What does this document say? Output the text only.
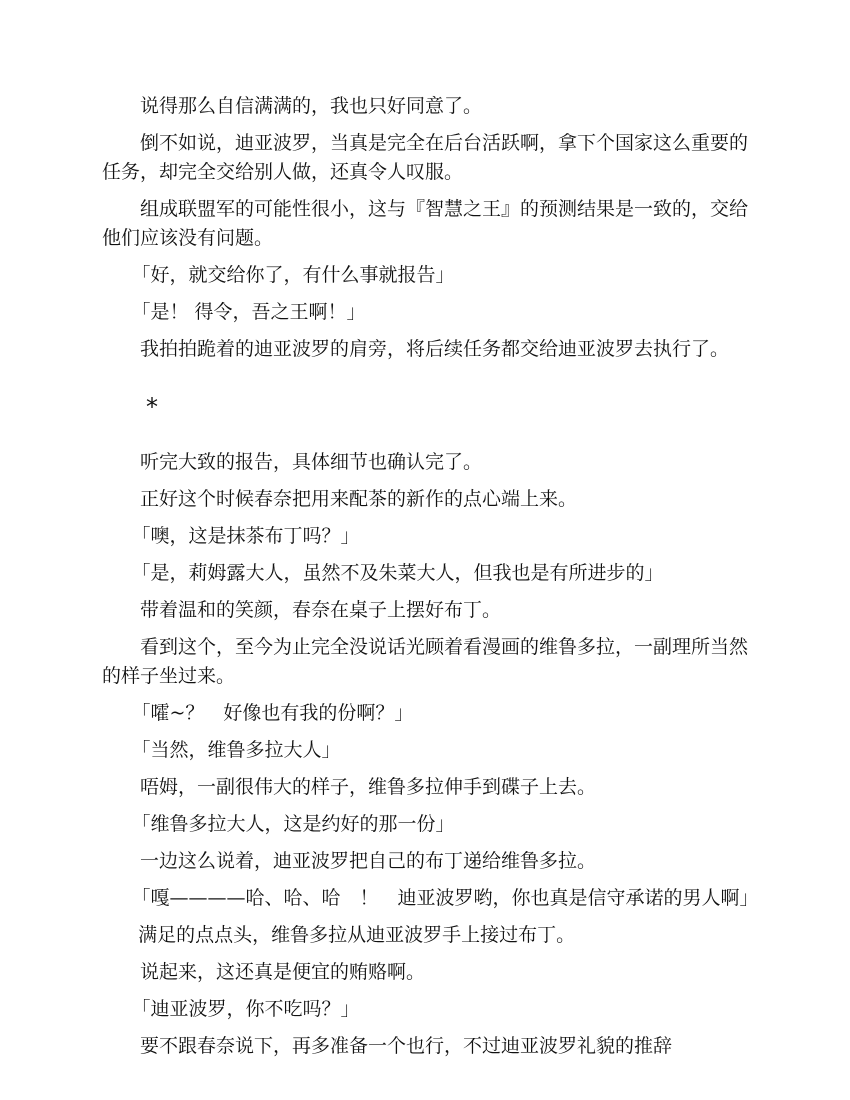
说得那么自信满满的，我也只好同意了。

倒不如说，迪亚波罗，当真是完全在后台活跃啊，拿下个国家这么重要的任务，却完全交给别人做，还真令人叹服。

组成联盟军的可能性很小，这与『智慧之王』的预测结果是一致的，交给他们应该没有问题。

「好，就交给你了，有什么事就报告」

「是！ 得令，吾之王啊！」

我拍拍跪着的迪亚波罗的肩旁，将后续任务都交给迪亚波罗去执行了。

*

听完大致的报告，具体细节也确认完了。

正好这个时候春奈把用来配茶的新作的点心端上来。

「噢，这是抹茶布丁吗？」

「是，莉姆露大人，虽然不及朱菜大人，但我也是有所进步的」

带着温和的笑颜，春奈在桌子上摆好布丁。

看到这个，至今为止完全没说话光顾着看漫画的维鲁多拉，一副理所当然的样子坐过来。

「嚯~？　好像也有我的份啊？」

「当然，维鲁多拉大人」

唔姆，一副很伟大的样子，维鲁多拉伸手到碟子上去。

「维鲁多拉大人，这是约好的那一份」

一边这么说着，迪亚波罗把自己的布丁递给维鲁多拉。

「嘎————哈、哈、哈　！　迪亚波罗哟，你也真是信守承诺的男人啊」

满足的点点头，维鲁多拉从迪亚波罗手上接过布丁。

说起来，这还真是便宜的贿赂啊。

「迪亚波罗，你不吃吗？」

要不跟春奈说下，再多准备一个也行，不过迪亚波罗礼貌的推辞
